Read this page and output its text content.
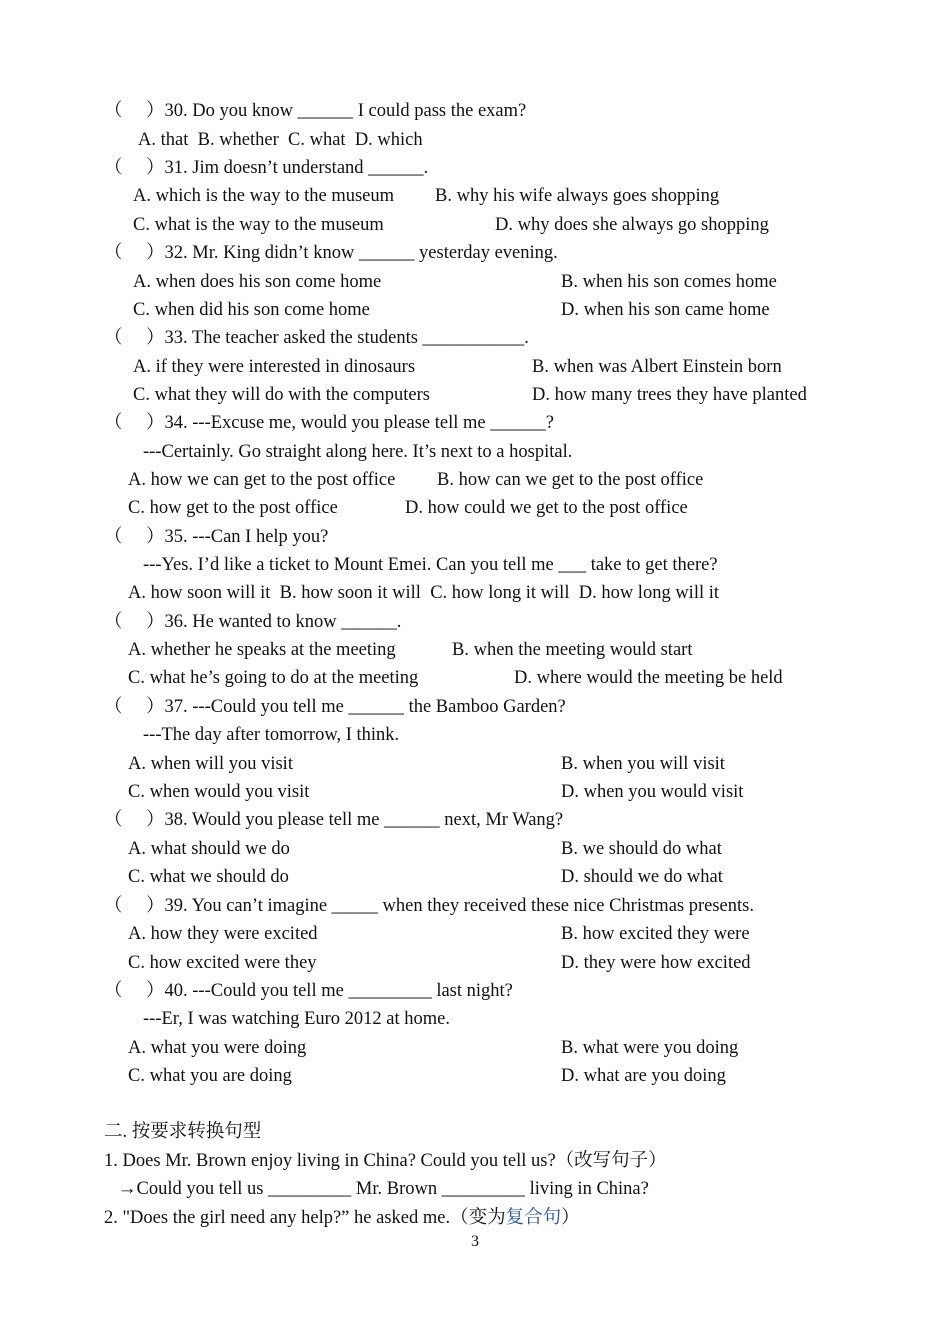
（ ）30. Do you know ______ I could pass the exam?
A. that  B. whether  C. what  D. which
（ ）31. Jim doesn’t understand ______.
A. which is the way to the museum B. why his wife always goes shopping
C. what is the way to the museum	D. why does she always go shopping
（ ）32. Mr. King didn’t know ______ yesterday evening.
A. when does his son come home	B. when his son comes home
C. when did his son come home	D. when his son came home
（ ）33. The teacher asked the students ___________.
A. if they were interested in dinosaurs	B. when was Albert Einstein born
C. what they will do with the computers	D. how many trees they have planted
（ ）34. ---Excuse me, would you please tell me ______?
---Certainly. Go straight along here. It’s next to a hospital.
A. how we can get to the post office B. how can we get to the post office
C. how get to the post office	D. how could we get to the post office
（ ）35. ---Can I help you?
---Yes. I’d like a ticket to Mount Emei. Can you tell me ___ take to get there?
A. how soon will it  B. how soon it will  C. how long it will  D. how long will it
（ ）36. He wanted to know ______.
A. whether he speaks at the meeting	B. when the meeting would start
C. what he’s going to do at the meeting	D. where would the meeting be held
（ ）37. ---Could you tell me ______ the Bamboo Garden?
---The day after tomorrow, I think.
A. when will you visit	B. when you will visit
C. when would you visit	D. when you would visit
（ ）38. Would you please tell me ______ next, Mr Wang?
A. what should we do	B. we should do what
C. what we should do	D. should we do what
（ ）39. You can’t imagine _____ when they received these nice Christmas presents.
A. how they were excited	B. how excited they were
C. how excited were they	D. they were how excited
（ ）40. ---Could you tell me _________ last night?
---Er, I was watching Euro 2012 at home.
A. what you were doing	B. what were you doing
C. what you are doing	D. what are you doing
二. 按要求转换句型
1. Does Mr. Brown enjoy living in China? Could you tell us?（改写句子）
→Could you tell us _________ Mr. Brown _________ living in China?
2. "Does the girl need any help?” he asked me.（变为复合句）
3
